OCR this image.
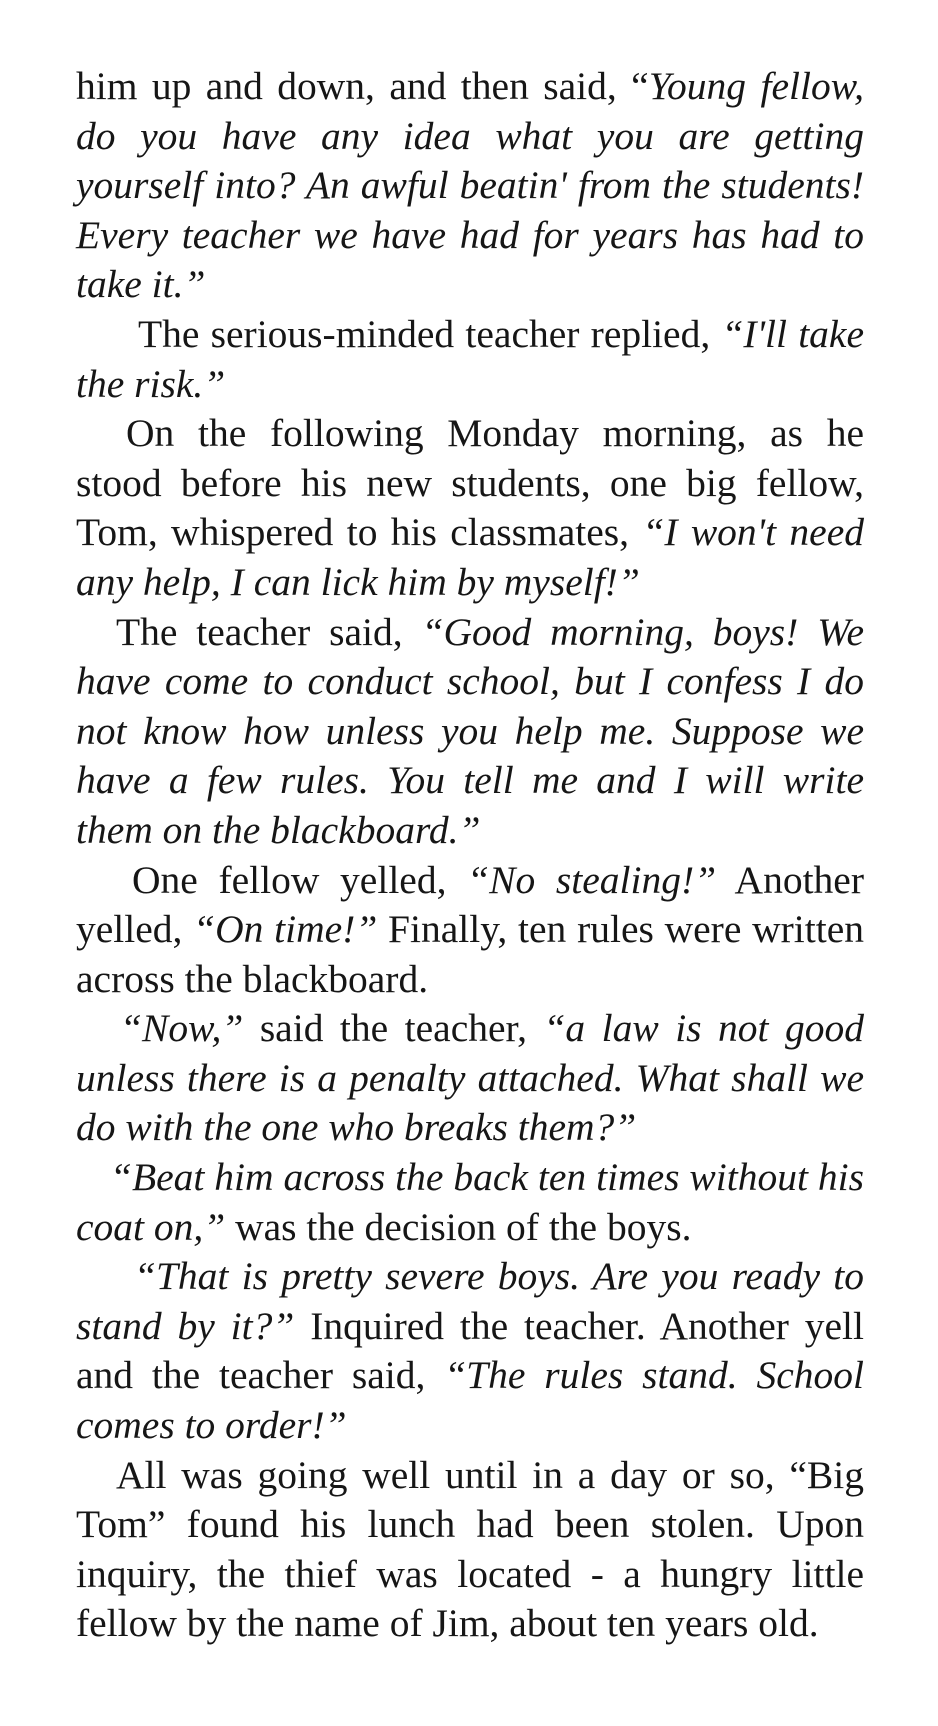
him up and down, and then said, “Young fellow, do you have any idea what you are getting yourself into? An awful beatin' from the students! Every teacher we have had for years has had to take it.”

The serious-minded teacher replied, “I'll take the risk.”

On the following Monday morning, as he stood before his new students, one big fellow, Tom, whispered to his classmates, “I won't need any help, I can lick him by myself!”

The teacher said, “Good morning, boys! We have come to conduct school, but I confess I do not know how unless you help me. Suppose we have a few rules. You tell me and I will write them on the blackboard.”

One fellow yelled, “No stealing!” Another yelled, “On time!” Finally, ten rules were written across the blackboard.

“Now,” said the teacher, “a law is not good unless there is a penalty attached. What shall we do with the one who breaks them?”

“Beat him across the back ten times without his coat on,” was the decision of the boys.

“That is pretty severe boys. Are you ready to stand by it?” Inquired the teacher. Another yell and the teacher said, “The rules stand. School comes to order!”

All was going well until in a day or so, “Big Tom” found his lunch had been stolen. Upon inquiry, the thief was located - a hungry little fellow by the name of Jim, about ten years old.
